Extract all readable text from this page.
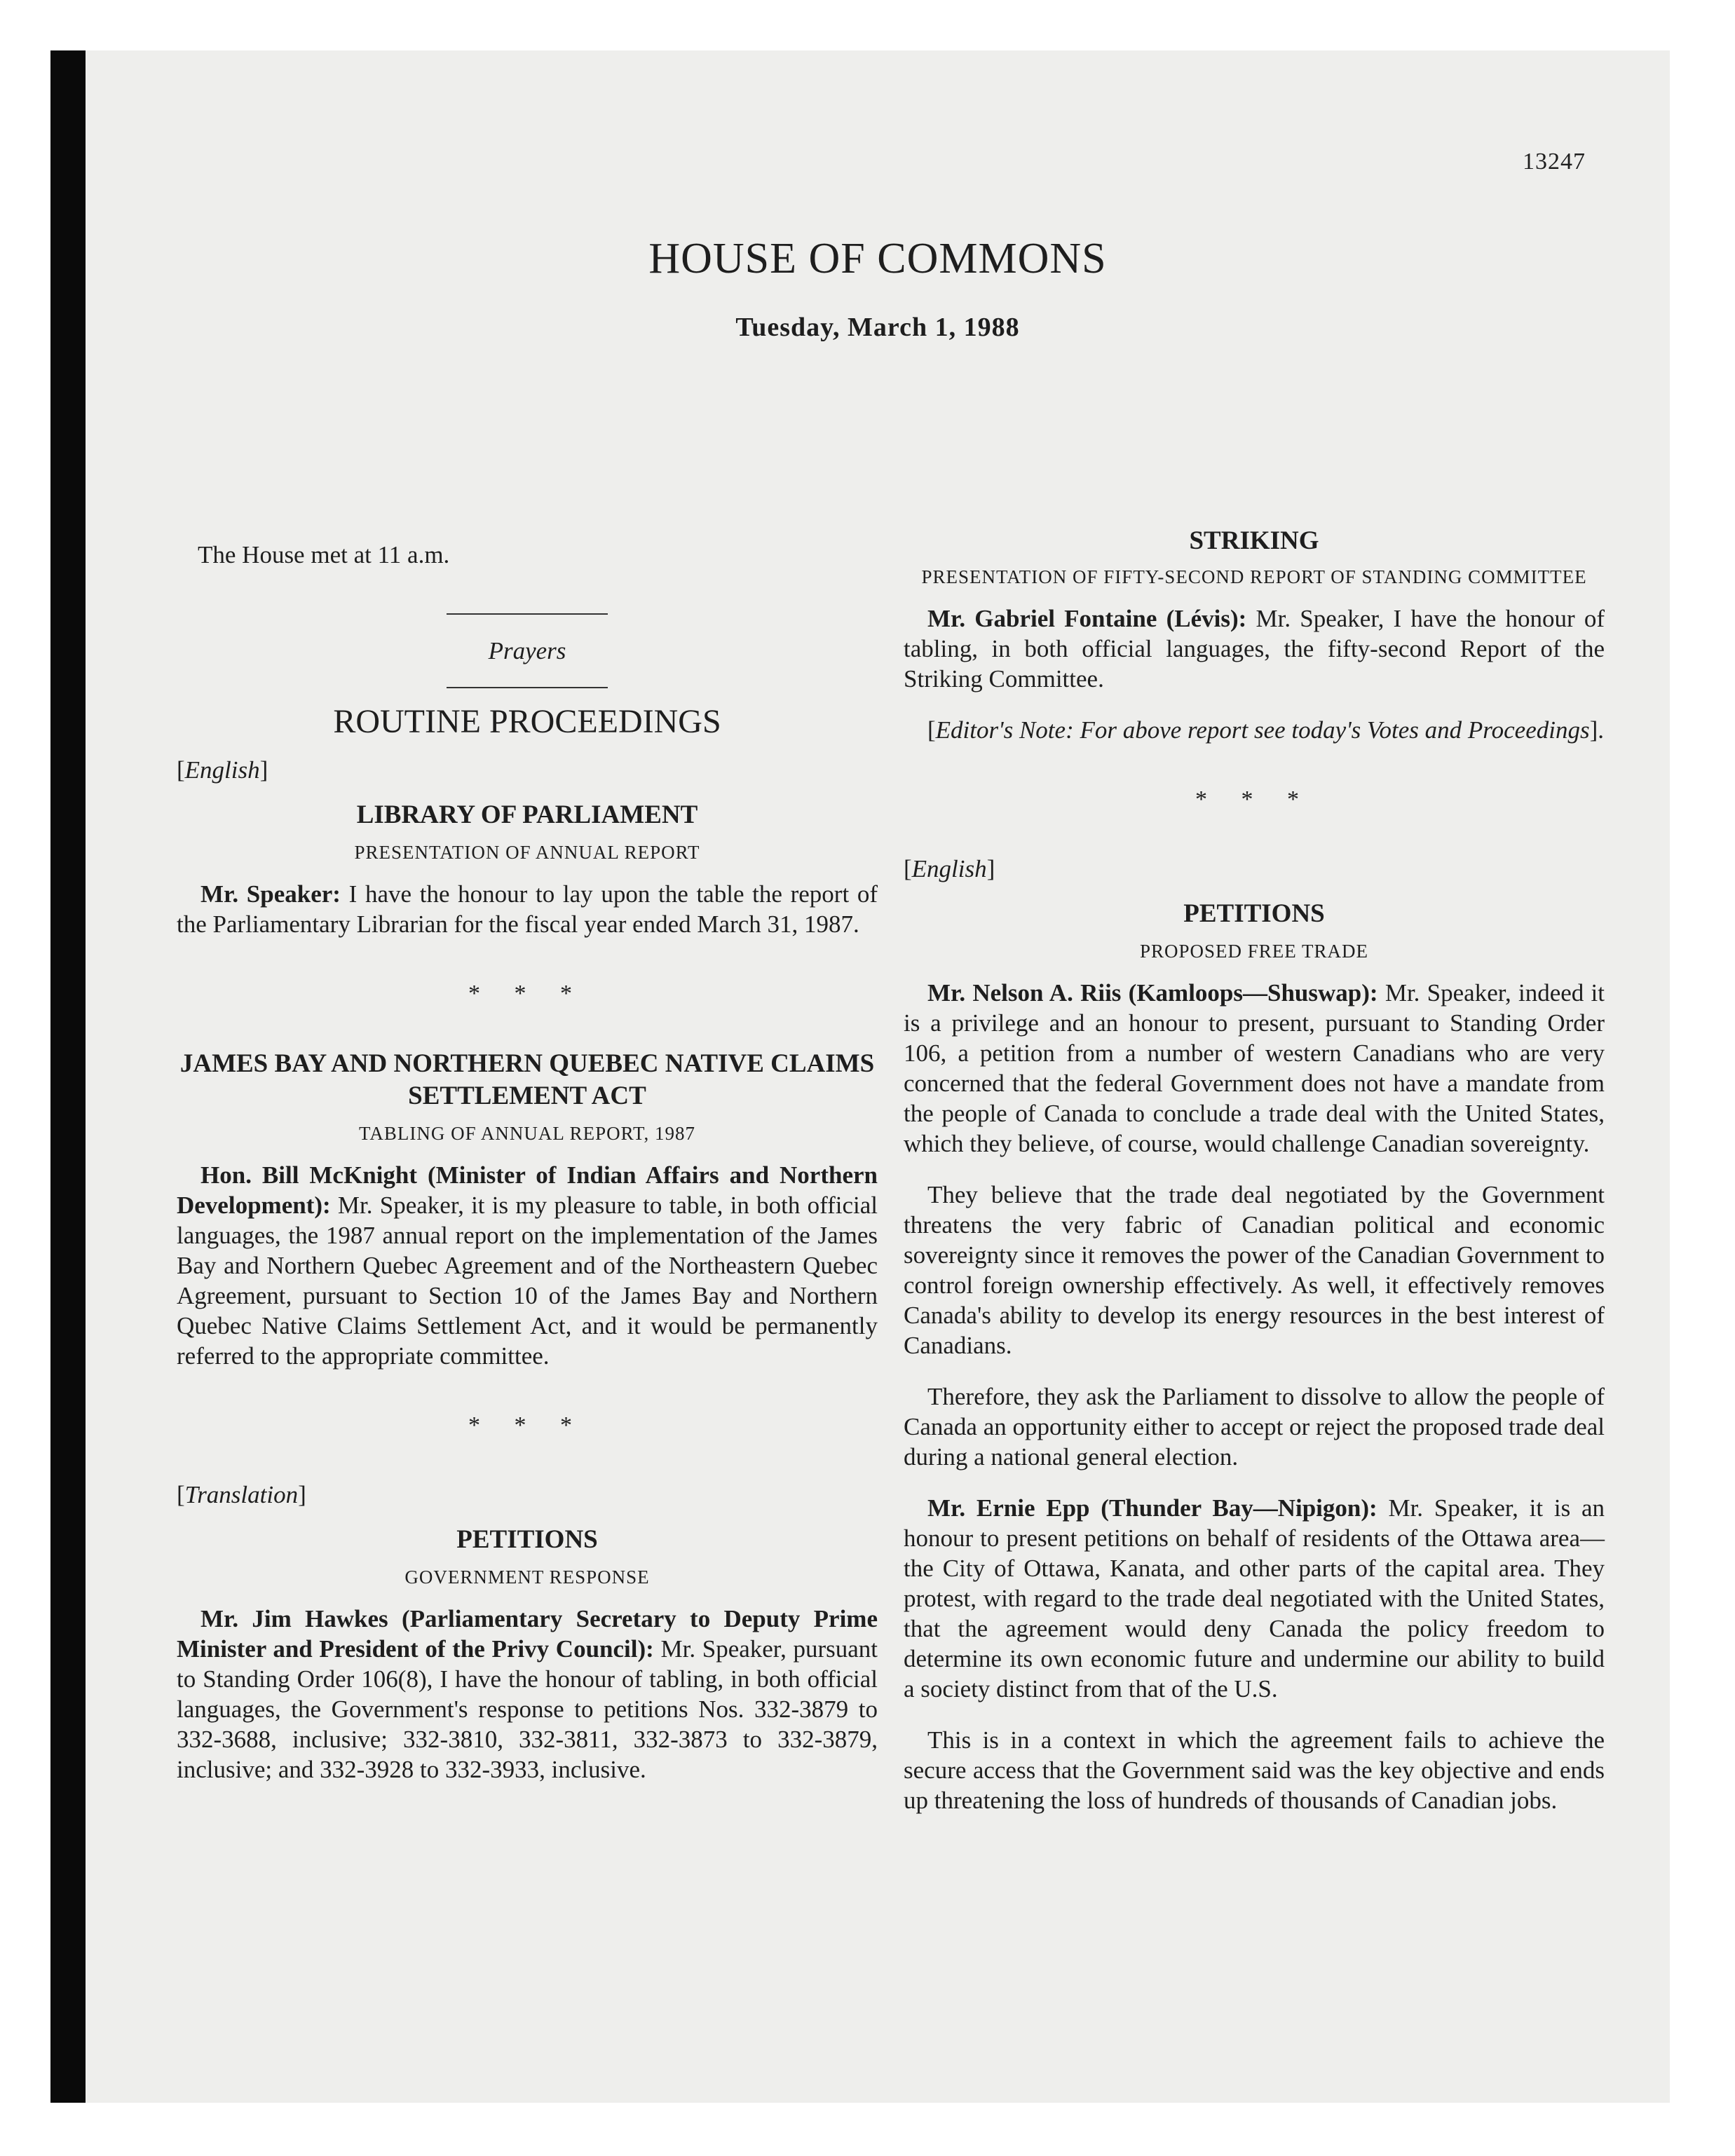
13247
HOUSE OF COMMONS
Tuesday, March 1, 1988

The House met at 11 a.m.

Prayers
ROUTINE PROCEEDINGS
[English]
LIBRARY OF PARLIAMENT
PRESENTATION OF ANNUAL REPORT

Mr. Speaker: I have the honour to lay upon the table the report of the Parliamentary Librarian for the fiscal year ended March 31, 1987.

* * *
JAMES BAY AND NORTHERN QUEBEC NATIVE CLAIMS SETTLEMENT ACT
TABLING OF ANNUAL REPORT, 1987

Hon. Bill McKnight (Minister of Indian Affairs and Northern Development): Mr. Speaker, it is my pleasure to table, in both official languages, the 1987 annual report on the implementation of the James Bay and Northern Quebec Agreement and of the Northeastern Quebec Agreement, pursuant to Section 10 of the James Bay and Northern Quebec Native Claims Settlement Act, and it would be permanently referred to the appropriate committee.

* * *
[Translation]
PETITIONS
GOVERNMENT RESPONSE

Mr. Jim Hawkes (Parliamentary Secretary to Deputy Prime Minister and President of the Privy Council): Mr. Speaker, pursuant to Standing Order 106(8), I have the honour of tabling, in both official languages, the Government's response to petitions Nos. 332-3879 to 332-3688, inclusive; 332-3810, 332-3811, 332-3873 to 332-3879, inclusive; and 332-3928 to 332-3933, inclusive.

STRIKING
PRESENTATION OF FIFTY-SECOND REPORT OF STANDING COMMITTEE

Mr. Gabriel Fontaine (Lévis): Mr. Speaker, I have the honour of tabling, in both official languages, the fifty-second Report of the Striking Committee.

[Editor's Note: For above report see today's Votes and Proceedings].

* * *
[English]
PETITIONS
PROPOSED FREE TRADE

Mr. Nelson A. Riis (Kamloops—Shuswap): Mr. Speaker, indeed it is a privilege and an honour to present, pursuant to Standing Order 106, a petition from a number of western Canadians who are very concerned that the federal Government does not have a mandate from the people of Canada to conclude a trade deal with the United States, which they believe, of course, would challenge Canadian sovereignty.

They believe that the trade deal negotiated by the Government threatens the very fabric of Canadian political and economic sovereignty since it removes the power of the Canadian Government to control foreign ownership effectively. As well, it effectively removes Canada's ability to develop its energy resources in the best interest of Canadians.

Therefore, they ask the Parliament to dissolve to allow the people of Canada an opportunity either to accept or reject the proposed trade deal during a national general election.

Mr. Ernie Epp (Thunder Bay—Nipigon): Mr. Speaker, it is an honour to present petitions on behalf of residents of the Ottawa area—the City of Ottawa, Kanata, and other parts of the capital area. They protest, with regard to the trade deal negotiated with the United States, that the agreement would deny Canada the policy freedom to determine its own economic future and undermine our ability to build a society distinct from that of the U.S.

This is in a context in which the agreement fails to achieve the secure access that the Government said was the key objective and ends up threatening the loss of hundreds of thousands of Canadian jobs.
